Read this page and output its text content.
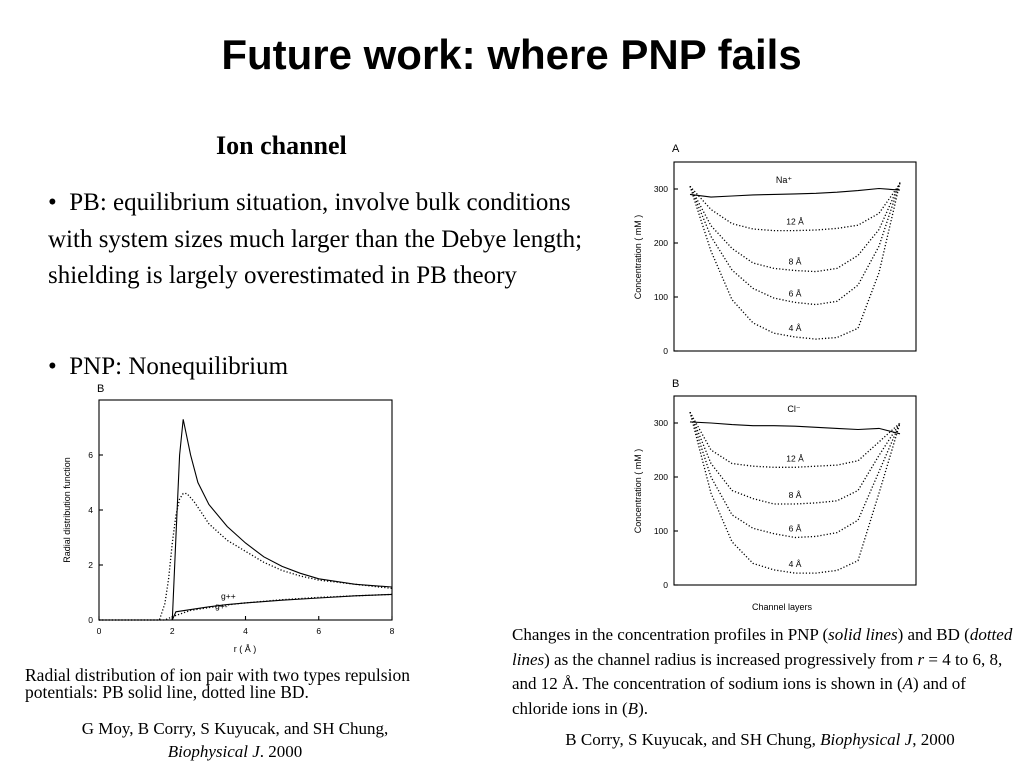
Future work: where PNP fails
Ion channel
• PB: equilibrium situation, involve bulk conditions with system sizes much larger than the Debye length; shielding is largely overestimated in PB theory
• PNP: Nonequilibrium
B
0	2	4	6	8
0
2
4
6
g+-
g++
r ( Å )
Radial distribution function
A
Na⁺
0
100
200
300
12 Å
8 Å
6 Å
4 Å
Concentration ( mM )
B
Cl⁻
0
100
200
300
12 Å
8 Å
6 Å
4 Å
Channel layers
Concentration ( mM )
Radial distribution of ion pair with two types repulsion potentials: PB solid line, dotted line BD.
G Moy, B Corry, S Kuyucak, and SH Chung,
Biophysical J. 2000
Changes in the concentration profiles in PNP (solid lines) and BD (dotted lines) as the channel radius is increased progressively from r = 4 to 6, 8, and 12 Å. The concentration of sodium ions is shown in (A) and of chloride ions in (B).
B Corry, S Kuyucak, and SH Chung, Biophysical J, 2000
